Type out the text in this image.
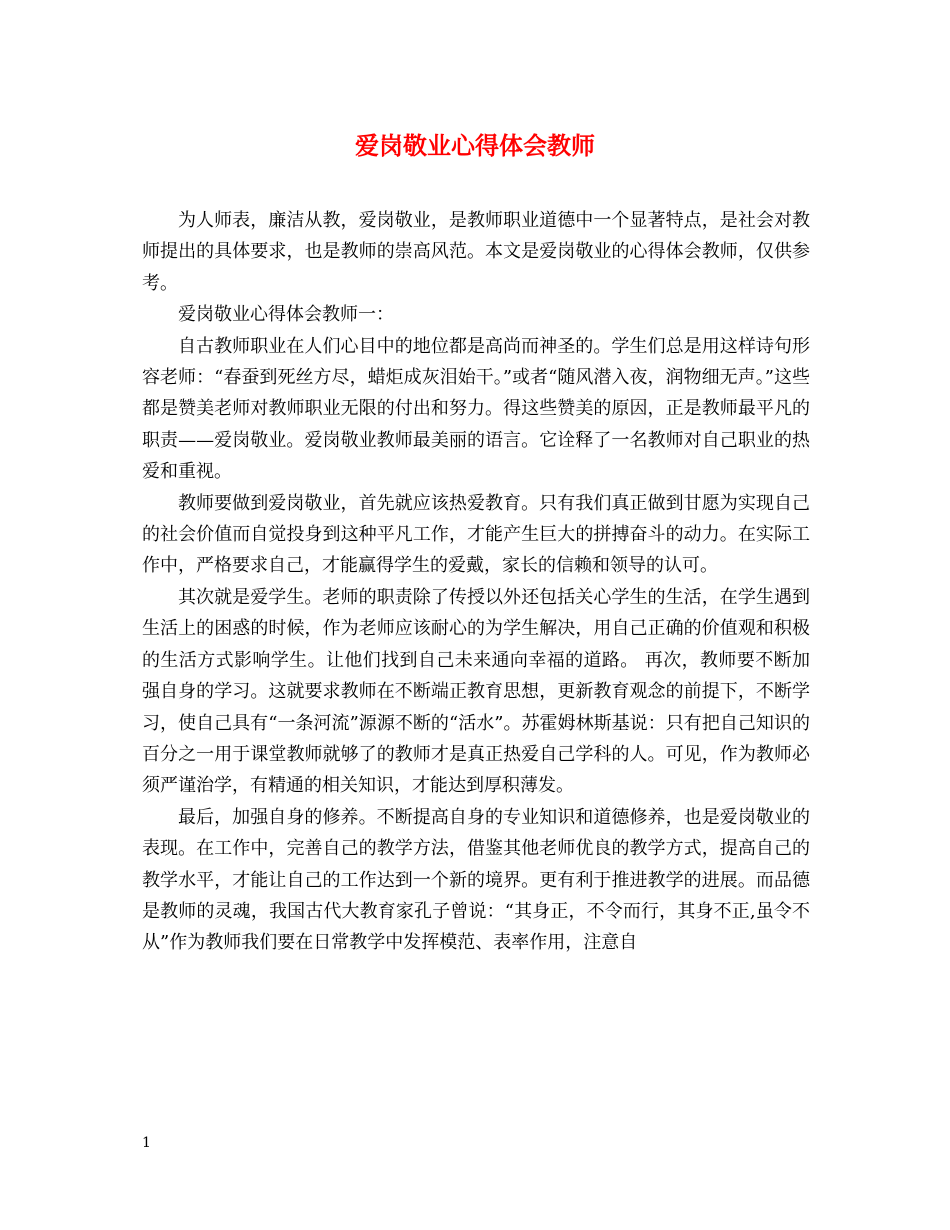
爱岗敬业心得体会教师

为人师表，廉洁从教，爱岗敬业，是教师职业道德中一个显著特点，是社会对教师提出的具体要求，也是教师的崇高风范。本文是爱岗敬业的心得体会教师，仅供参考。

爱岗敬业心得体会教师一：

自古教师职业在人们心目中的地位都是高尚而神圣的。学生们总是用这样诗句形容老师：“春蚕到死丝方尽，蜡炬成灰泪始干。”或者“随风潜入夜，润物细无声。”这些都是赞美老师对教师职业无限的付出和努力。得这些赞美的原因，正是教师最平凡的职责——爱岗敬业。爱岗敬业教师最美丽的语言。它诠释了一名教师对自己职业的热爱和重视。

教师要做到爱岗敬业，首先就应该热爱教育。只有我们真正做到甘愿为实现自己的社会价值而自觉投身到这种平凡工作，才能产生巨大的拼搏奋斗的动力。在实际工作中，严格要求自己，才能赢得学生的爱戴，家长的信赖和领导的认可。

其次就是爱学生。老师的职责除了传授以外还包括关心学生的生活，在学生遇到生活上的困惑的时候，作为老师应该耐心的为学生解决，用自己正确的价值观和积极的生活方式影响学生。让他们找到自己未来通向幸福的道路。 再次，教师要不断加强自身的学习。这就要求教师在不断端正教育思想，更新教育观念的前提下，不断学习，使自己具有“一条河流”源源不断的“活水”。苏霍姆林斯基说：只有把自己知识的百分之一用于课堂教师就够了的教师才是真正热爱自己学科的人。可见，作为教师必须严谨治学，有精通的相关知识，才能达到厚积薄发。

最后，加强自身的修养。不断提高自身的专业知识和道德修养，也是爱岗敬业的表现。在工作中，完善自己的教学方法，借鉴其他老师优良的教学方式，提高自己的教学水平，才能让自己的工作达到一个新的境界。更有利于推进教学的进展。而品德是教师的灵魂，我国古代大教育家孔子曾说：“其身正，不令而行，其身不正,虽令不从”作为教师我们要在日常教学中发挥模范、表率作用，注意自

1
